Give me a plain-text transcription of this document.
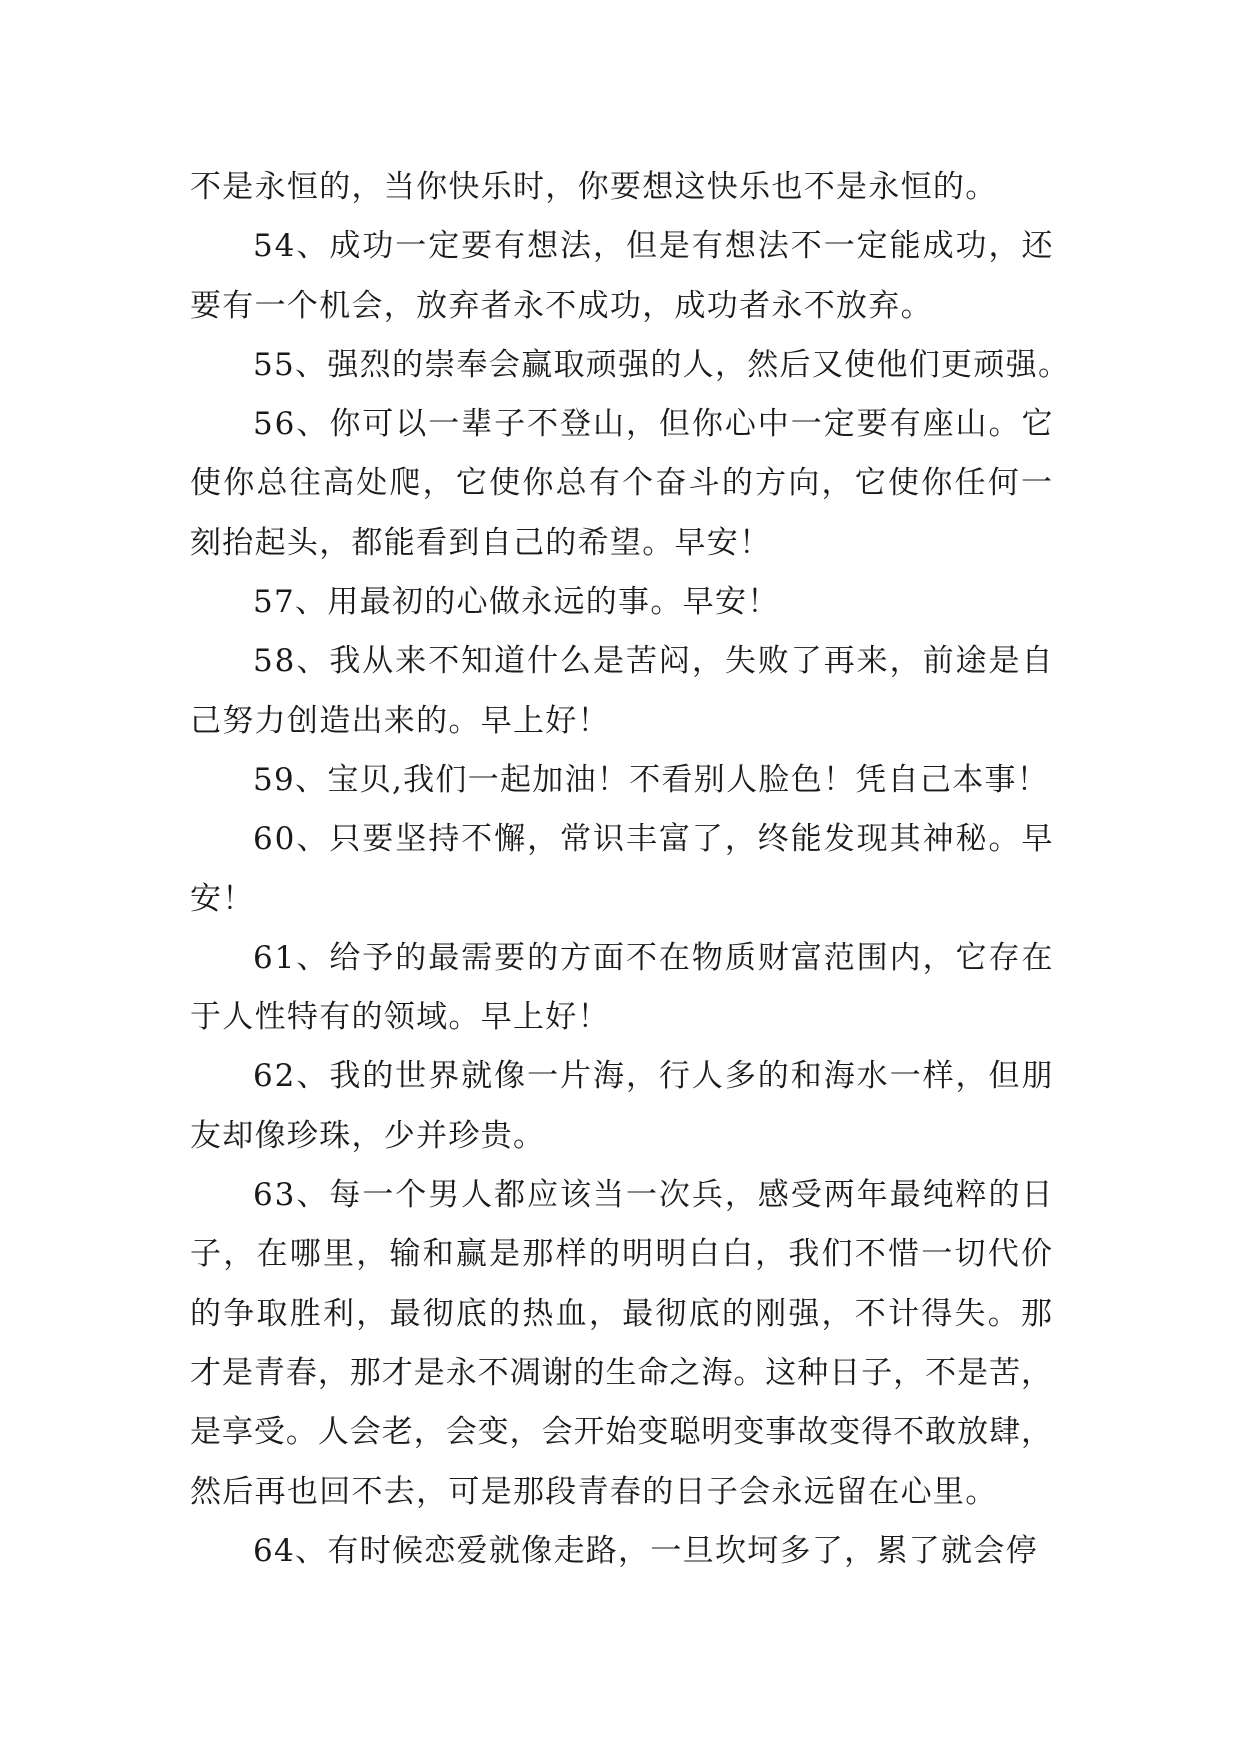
不是永恒的，当你快乐时，你要想这快乐也不是永恒的。
54、成功一定要有想法，但是有想法不一定能成功，还
要有一个机会，放弃者永不成功，成功者永不放弃。
55、强烈的崇奉会赢取顽强的人，然后又使他们更顽强。
56、你可以一辈子不登山，但你心中一定要有座山。它
使你总往高处爬，它使你总有个奋斗的方向，它使你任何一
刻抬起头，都能看到自己的希望。早安！
57、用最初的心做永远的事。早安！
58、我从来不知道什么是苦闷，失败了再来，前途是自
己努力创造出来的。早上好！
59、宝贝,我们一起加油！不看别人脸色！凭自己本事！
60、只要坚持不懈，常识丰富了，终能发现其神秘。早
安！
61、给予的最需要的方面不在物质财富范围内，它存在
于人性特有的领域。早上好！
62、我的世界就像一片海，行人多的和海水一样，但朋
友却像珍珠，少并珍贵。
63、每一个男人都应该当一次兵，感受两年最纯粹的日
子，在哪里，输和赢是那样的明明白白，我们不惜一切代价
的争取胜利，最彻底的热血，最彻底的刚强，不计得失。那
才是青春，那才是永不凋谢的生命之海。这种日子，不是苦，
是享受。人会老，会变，会开始变聪明变事故变得不敢放肆，
然后再也回不去，可是那段青春的日子会永远留在心里。
64、有时候恋爱就像走路，一旦坎坷多了，累了就会停
